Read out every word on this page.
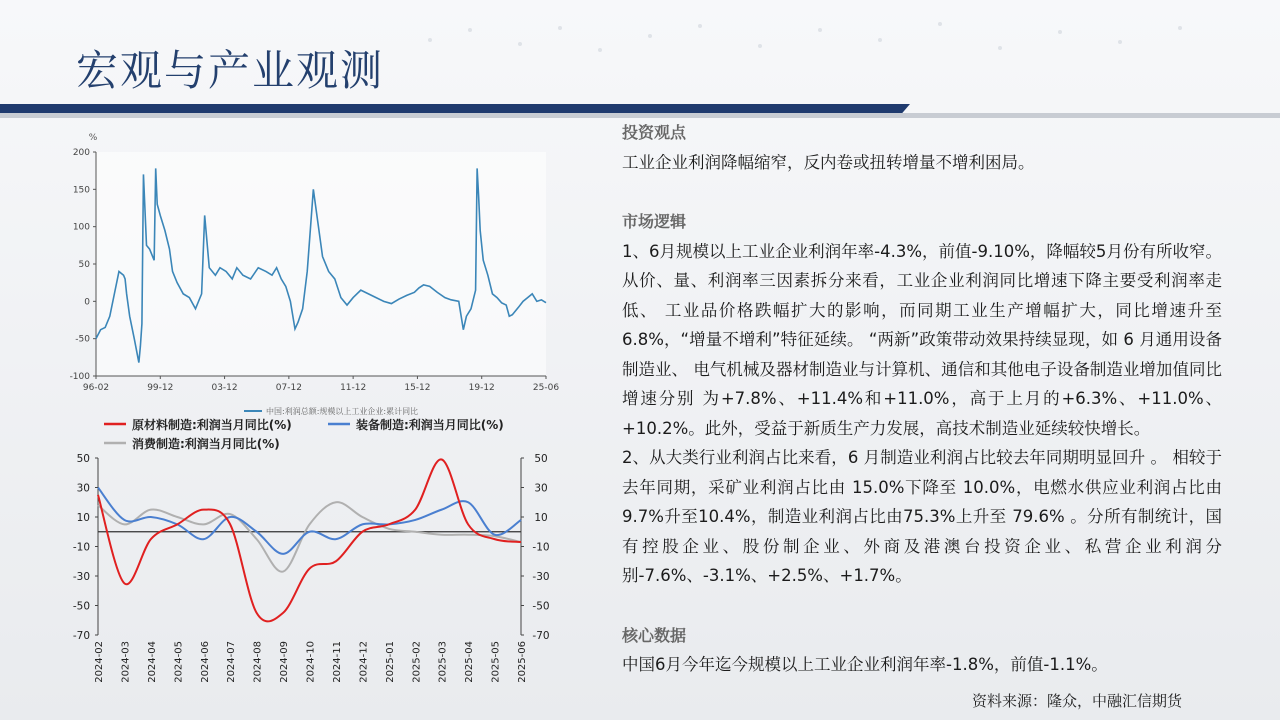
宏观与产业观测
%
200
150
100
50
0
-50
-100
96-02	99-12	03-12	07-12	11-12	15-12	19-12	25-06
中国:利润总额:规模以上工业企业:累计同比
原材料制造:利润当月同比(%)	装备制造:利润当月同比(%)
消费制造:利润当月同比(%)
50	50
30	30
10	10
-10	-10
-30	-30
-50	-50
-70	-70
2024-02 2024-03 2024-04 2024-05 2024-06 2024-07 2024-08 2024-09 2024-10 2024-11 2024-12 2025-01 2025-02 2025-03 2025-04 2025-05 2025-06
投资观点
工业企业利润降幅缩窄，反内卷或扭转增量不增利困局。
市场逻辑
1、6月规模以上工业企业利润年率-4.3%，前值-9.10%，降幅较5月份有所收窄。从价、量、利润率三因素拆分来看，工业企业利润同比增速下降主要受利润率走低、 工业品价格跌幅扩大的影响，而同期工业生产增幅扩大，同比增速升至6.8%，“增量不增利”特征延续。 “两新”政策带动效果持续显现，如 6 月通用设备制造业、 电气机械及器材制造业与计算机、通信和其他电子设备制造业增加值同比增速分别 为+7.8%、+11.4%和+11.0%，高于上月的+6.3%、+11.0%、+10.2%。此外，受益于新质生产力发展，高技术制造业延续较快增长。
2、从大类行业利润占比来看，6 月制造业利润占比较去年同期明显回升 。 相较于去年同期，采矿业利润占比由 15.0%下降至 10.0%，电燃水供应业利润占比由 9.7%升至10.4%，制造业利润占比由75.3%上升至 79.6% 。分所有制统计，国有控股企业、股份制企业、外商及港澳台投资企业、私营企业利润分别-7.6%、-3.1%、+2.5%、+1.7%。
核心数据
中国6月今年迄今规模以上工业企业利润年率-1.8%，前值-1.1%。
资料来源：隆众，中融汇信期货
